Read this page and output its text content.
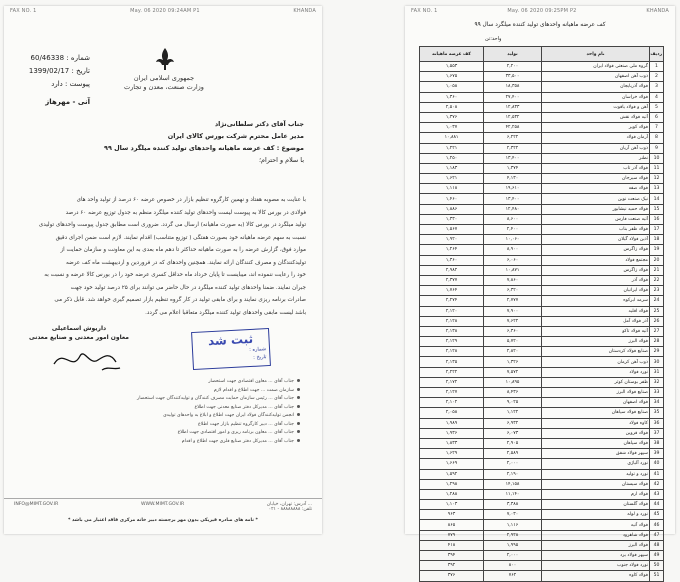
FAX NO. 1	May. 06 2020 09:24AM P1	KHANDA
جمهوری اسلامی ایران
وزارت صنعت، معدن و تجارت
شماره : 60/46338
تاریخ : 1399/02/17
پیوست : دارد
آنی - مهرهاز
جناب آقای دکتر سلطانی‌نژاد
مدیر عامل محترم شرکت بورس کالای ایران
موضوع : کف عرضه ماهیانه واحدهای تولید کننده میلگرد سال ۹۹
با سلام و احترام؛
با عنایت به مصوبه هفتاد و نهمین کارگروه تنظیم بازار در خصوص عرضه ۶۰ درصد از تولید واحد های
فولادی در بورس کالا به پیوست لیست واحدهای تولید کننده میلگرد منظم به جدول توزیع عرضه ۶۰ درصد
تولید میلگرد در بورس کالا (به صورت ماهیانه) ارسال می گردد. ضروری است مطابق جدول پیوست واحدهای تولیدی
نسبت به سهم عرضه ماهیانه خود بصورت هفتگی ( توزیع متناسب) اقدام نمایند. لازم است ضمن اجرای دقیق
موارد فوق، گزارش عرضه را به صورت ماهیانه حداکثر تا دهم ماه بعدی به این معاونت و سازمان حمایت از
تولیدکنندگان و مصرف کنندگان ارائه نمایند. همچنین واحدهای که در فروردین و اردیبهشت ماه کف عرضه
خود را رعایت ننموده اند، میبایست تا پایان خرداد ماه حداقل کسری عرضه خود را در بورس کالا عرضه و نسبت به
جبران نمایند. ضمنا واحدهای تولید کننده میلگرد در حال حاضر می توانند برای ۲۵ درصد تولید خود جهت
صادرات برنامه ریزی نمایند و برای مابقی تولید در کار گروه تنظیم بازار تصمیم گیری خواهد شد. قابل ذکر می
باشد لیست مابقی واحدهای تولید کننده میلگرد متعاقبا اعلام می گردد.
داریوش اسماعیلی
معاون امور معدنی و صنایع معدنی	ثبت شد
شماره :
تاریخ :
جناب آقای ... معاون اقتصادی جهت استحضار
سازمان صمت ... جهت اطلاع و اقدام لازم
جناب آقای ... رئیس سازمان حمایت مصرف کنندگان و تولیدکنندگان جهت استحضار
جناب آقای ... مدیرکل دفتر صنایع معدنی جهت اطلاع
انجمن تولیدکنندگان فولاد ایران جهت اطلاع و ابلاغ به واحدهای تولیدی
جناب آقای ... دبیر کارگروه تنظیم بازار جهت اطلاع
جناب آقای ... معاون برنامه ریزی و امور اقتصادی جهت اطلاع
جناب آقای ... مدیرکل دفتر صنایع فلزی جهت اطلاع و اقدام
INFO@MIMT.GOV.IR	WWW.MIMT.GOV.IR	آدرس: تهران، خیابان ...
تلفن: ۸۸۸۸۸۸۸۸ - ۰۲۱
* نامه های صادره فیزیکی بدون مهر برجسته دبیر خانه مرکزی فاقد اعتبار می باشد *
FAX NO. 1	May. 06 2020 09:25PM P2	KHANDA
کف عرضه ماهیانه واحدهای تولید کننده میلگرد سال ۹۹
واحد:تن
ردیف	نام واحد	تولید	کف عرضه ماهیانه
1	گروه ملی صنعتی فولاد ایران	۲,۲۰۰	۱,۵۵۳
2	ذوب آهن اصفهان	۳۳,۵۰۰	۱,۶۷۵
3	فولاد آذربایجان	۱۸,۳۵۸	۱,۰۵۸
4	فولاد خراسان	۲۷,۴۰۰	۱,۳۶۰
5	آهن و فولاد یاقوت	۱۲,۸۳۳	۲,۵۰۸
6	آتیه فولاد نقش	۱۲,۵۳۲	۱,۳۷۶
7	فولاد کویر	۴۲,۲۵۸	۱,۰۳۷
8	آرمان فولاد	۶,۲۲۲	۱۰,۸۸۱
9	ذوب آهن آریان	۲,۳۲۲	۱,۲۲۱
10	نطنز	۱۳,۴۰۰	۱,۲۵۰
11	فولاد آذر تاب	۱,۳۷۴	۱,۱۸۳
12	فولاد سیرجان	۴,۱۳۰	۱,۶۲۱
13	فولاد صفه	۱۹,۶۱۰	۱,۱۱۸
14	نیک صنعت نوین	۱۳,۴۰۰	۱,۴۶۰
15	فولاد حمید نیشابور	۱۲,۴۸۰	۱,۸۸۶
16	آتیه صنعت فارس	۸,۶۰۰	۱,۳۳۰
17	فولاد ظفر بناب	۲,۴۰۰	۱,۵۶۷
18	آذین فولاد گیلان	۱۰,۰۶۰	۱,۹۲۰
19	فولاد زاگرس	۸,۹۰۰	۱,۲۶۴
20	مجتمع فولاد	۶,۰۶۰	۱,۳۶۰
21	فولاد زاگرس	۱۰,۸۷۱	۲,۹۸۲
22	فولاد آذر	۷,۸۶۰	۲,۳۷۷
23	فولاد ایرانیان	۶,۳۲۰	۱,۷۶۴
24	سرمد ابرکوه	۲,۷۷۷	۲,۲۷۴
25	فولاد اقلید	۷,۹۰۰	۲,۱۲۰
26	آذر فولاد آمل	۷,۶۲۲	۲,۱۲۸
27	آتیه فولاد تاکو	۶,۳۶۰	۲,۱۳۸
28	فولاد البرز	۵,۷۲۰	۲,۱۲۹
29	صنایع فولاد کردستان	۲,۸۲۰	۲,۱۲۸
30	ذوب آهن کرمان	۱,۳۲۶	۲,۱۳۵
31	نورد فولاد	۷,۵۷۲	۲,۲۲۲
32	ظفر بوستان کوثر	۱۰,۸۹۵	۲,۱۷۲
33	صنایع فولاد البرز	۸,۴۳۶	۲,۱۲۷
34	فولاد اصفهان	۹,۰۲۵	۲,۱۰۲
35	صنایع فولاد سپاهان	۱,۱۲۲	۲,۰۵۸
36	کاوه فولاد	۶,۹۳۲	۱,۹۸۹
37	فولاد قزوین	۶,۰۷۳	۱,۹۳۶
38	فولاد سپاهان	۲,۹۰۵	۱,۸۳۳
39	سپهر فولاد شفق	۲,۵۸۹	۱,۶۲۹
40	نورد آلیاژی	۲,۰۰۰	۱,۶۶۹
41	نورد و تولید	۲,۱۹۰	۱,۵۹۲
42	فولاد سیستان	۱۴,۱۵۸	۱,۲۹۸
43	فولاد ارم	۱۱,۱۴۰	۱,۲۸۸
44	فولاد گلستان	۳,۳۸۸	۱,۱۰۳
45	نورد و لوله	۷,۰۳۰	۹۶۳
46	فولاد آتیه	۱,۱۱۶	۸۶۵
47	فولاد شاهرود	۲,۹۲۸	۷۷۹
48	فولاد البرز	۱,۹۹۵	۴۱۸
49	سپهر فولاد یزد	۲,۰۰۰	۳۹۴
50	نورد فولاد جنوب	۸۰۰	۳۹۲
51	فولاد کاوه	۷۶۲	۳۷۶
